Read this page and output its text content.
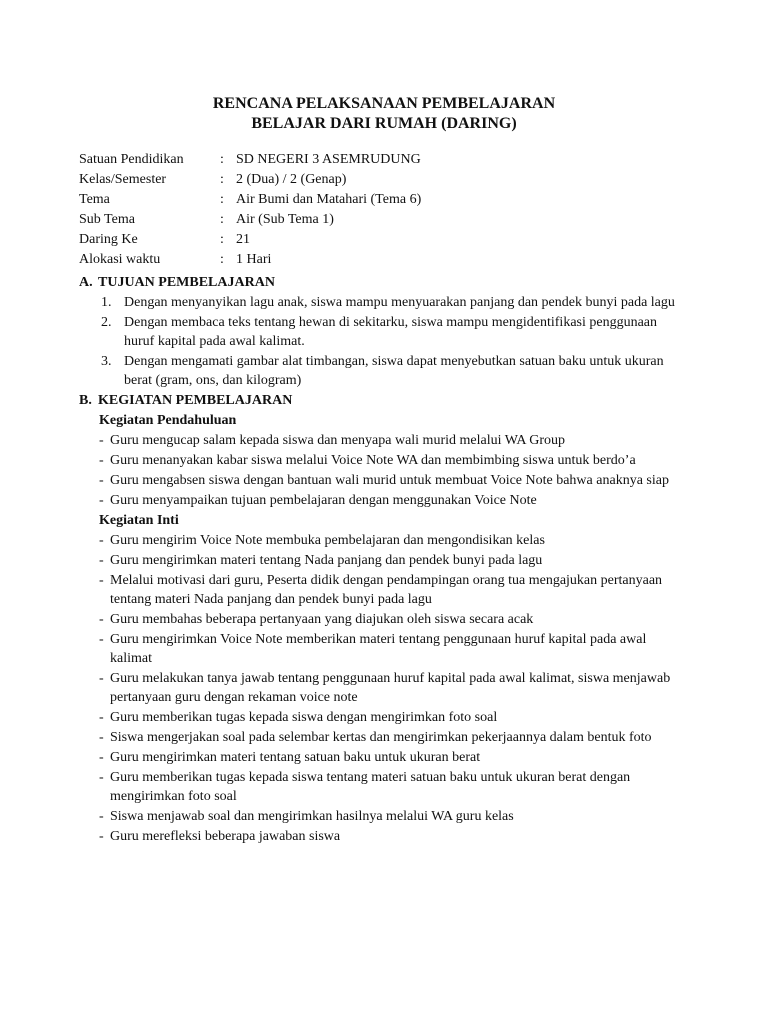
RENCANA PELAKSANAAN PEMBELAJARAN
BELAJAR DARI RUMAH (DARING)
Satuan Pendidikan	: SD NEGERI 3 ASEMRUDUNG
Kelas/Semester	: 2 (Dua) / 2 (Genap)
Tema	: Air Bumi dan Matahari (Tema 6)
Sub Tema	: Air (Sub Tema 1)
Daring Ke	: 21
Alokasi waktu	: 1 Hari
A. TUJUAN PEMBELAJARAN
1. Dengan menyanyikan lagu anak, siswa mampu menyuarakan panjang dan pendek bunyi pada lagu
2. Dengan membaca teks tentang hewan di sekitarku, siswa mampu mengidentifikasi penggunaan huruf kapital pada awal kalimat.
3. Dengan mengamati gambar alat timbangan, siswa dapat menyebutkan satuan baku untuk ukuran berat (gram, ons, dan kilogram)
B. KEGIATAN PEMBELAJARAN
Kegiatan Pendahuluan
- Guru mengucap salam kepada siswa dan menyapa wali murid melalui WA Group
- Guru menanyakan kabar siswa melalui Voice Note WA dan membimbing siswa untuk berdo’a
- Guru mengabsen siswa dengan bantuan wali murid untuk membuat Voice Note bahwa anaknya siap
- Guru menyampaikan tujuan pembelajaran dengan menggunakan Voice Note
Kegiatan Inti
- Guru mengirim Voice Note membuka pembelajaran dan mengondisikan kelas
- Guru mengirimkan materi tentang Nada panjang dan pendek bunyi pada lagu
- Melalui motivasi dari guru, Peserta didik dengan pendampingan orang tua mengajukan pertanyaan tentang materi Nada panjang dan pendek bunyi pada lagu
- Guru membahas beberapa pertanyaan yang diajukan oleh siswa secara acak
- Guru mengirimkan Voice Note memberikan materi tentang penggunaan huruf kapital pada awal kalimat
- Guru melakukan tanya jawab tentang penggunaan huruf kapital pada awal kalimat, siswa menjawab pertanyaan guru dengan rekaman voice note
- Guru memberikan tugas kepada siswa dengan mengirimkan foto soal
- Siswa mengerjakan soal pada selembar kertas dan mengirimkan pekerjaannya dalam bentuk foto
- Guru mengirimkan materi tentang satuan baku untuk ukuran berat
- Guru memberikan tugas kepada siswa tentang materi satuan baku untuk ukuran berat dengan mengirimkan foto soal
- Siswa menjawab soal dan mengirimkan hasilnya melalui WA guru kelas
- Guru merefleksi beberapa jawaban siswa
